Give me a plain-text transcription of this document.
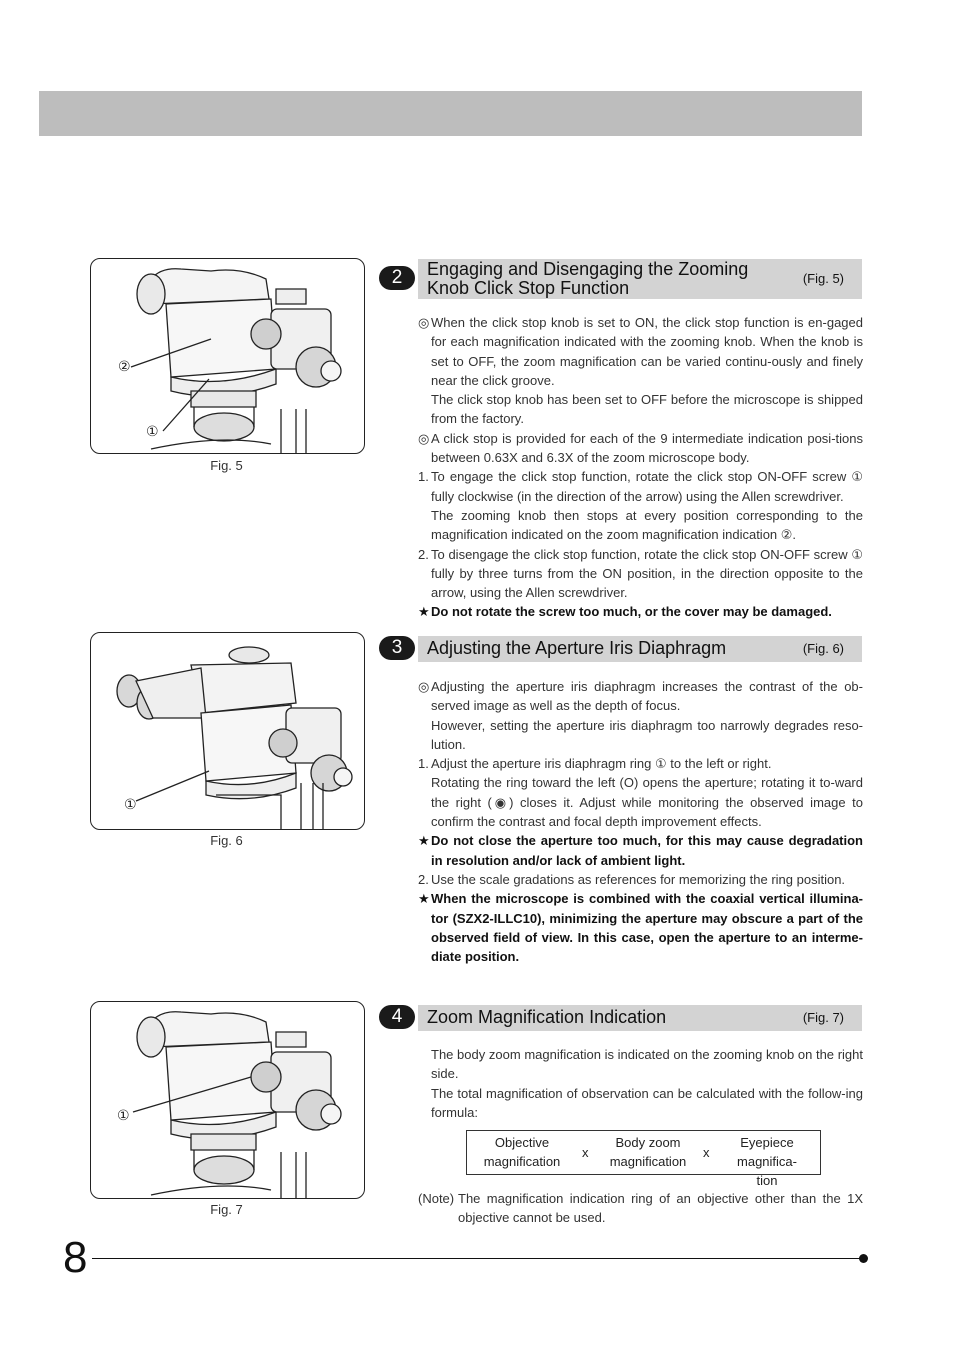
②
①
Fig. 5
①
Fig. 6
①
Fig. 7
2	Engaging and Disengaging the Zooming
Knob Click Stop Function	(Fig. 5)

◎ When the click stop knob is set to ON, the click stop function is en-gaged for each magnification indicated with the zooming knob. When the knob is set to OFF, the zoom magnification can be varied continu-ously and finely near the click groove.

The click stop knob has been set to OFF before the microscope is shipped from the factory.

◎ A click stop is provided for each of the 9 intermediate indication posi-tions between 0.63X and 6.3X of the zoom microscope body.

1. To engage the click stop function, rotate the click stop ON-OFF screw ① fully clockwise (in the direction of the arrow) using the Allen screwdriver.

The zooming knob then stops at every position corresponding to the magnification indicated on the zoom magnification indication ②.

2. To disengage the click stop function, rotate the click stop ON-OFF screw ① fully by three turns from the ON position, in the direction opposite to the arrow, using the Allen screwdriver.

★ Do not rotate the screw too much, or the cover may be damaged.

3	Adjusting the Aperture Iris Diaphragm	(Fig. 6)

◎ Adjusting the aperture iris diaphragm increases the contrast of the ob-served image as well as the depth of focus.

However, setting the aperture iris diaphragm too narrowly degrades reso-lution.

1. Adjust the aperture iris diaphragm ring ① to the left or right.

Rotating the ring toward the left (O) opens the aperture; rotating it to-ward the right (◉) closes it. Adjust while monitoring the observed image to confirm the contrast and focal depth improvement effects.

★ Do not close the aperture too much, for this may cause degradation in resolution and/or lack of ambient light.

2. Use the scale gradations as references for memorizing the ring position.

★ When the microscope is combined with the coaxial vertical illumina-tor (SZX2-ILLC10), minimizing the aperture may obscure a part of the observed field of view. In this case, open the aperture to an interme-diate position.

4	Zoom Magnification Indication	(Fig. 7)

The body zoom magnification is indicated on the zooming knob on the right side.

The total magnification of observation can be calculated with the follow-ing formula:

Objective
magnification
x
Body zoom
magnification
x
Eyepiece
magnifica-
tion

(Note) The magnification indication ring of an objective other than the 1X objective cannot be used.

8
